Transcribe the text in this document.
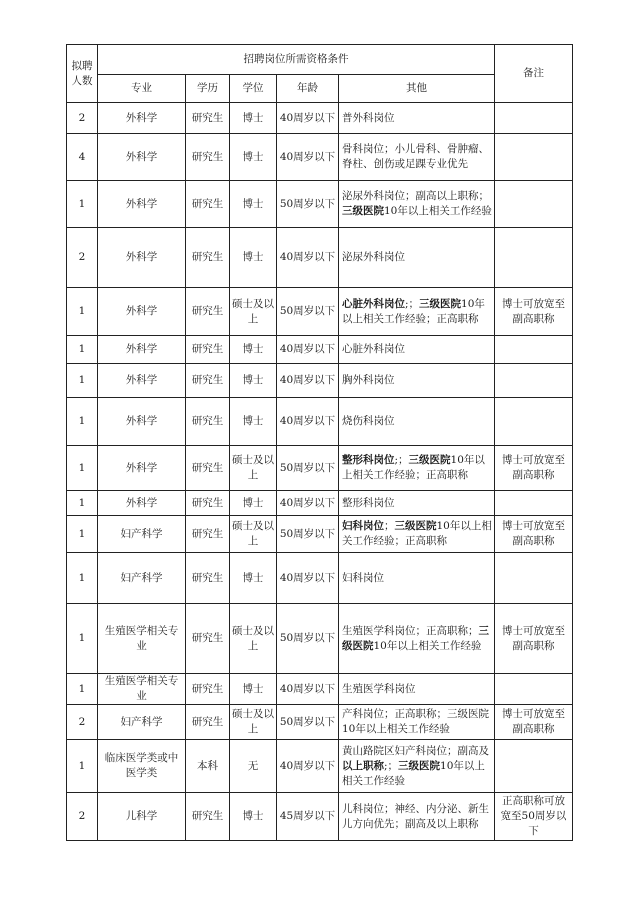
拟聘人数	招聘岗位所需资格条件					备注
	专业	学历	学位	年龄	其他	
2	外科学	研究生	博士	40周岁以下	普外科岗位	
4	外科学	研究生	博士	40周岁以下	骨科岗位；小儿骨科、骨肿瘤、脊柱、创伤或足踝专业优先	
1	外科学	研究生	博士	50周岁以下	泌尿外科岗位；副高以上职称；三级医院10年以上相关工作经验	
2	外科学	研究生	博士	40周岁以下	泌尿外科岗位	
1	外科学	研究生	硕士及以上	50周岁以下	心脏外科岗位;；三级医院10年以上相关工作经验；正高职称	博士可放宽至副高职称
1	外科学	研究生	博士	40周岁以下	心脏外科岗位	
1	外科学	研究生	博士	40周岁以下	胸外科岗位	
1	外科学	研究生	博士	40周岁以下	烧伤科岗位	
1	外科学	研究生	硕士及以上	50周岁以下	整形科岗位;；三级医院10年以上相关工作经验；正高职称	博士可放宽至副高职称
1	外科学	研究生	博士	40周岁以下	整形科岗位	
1	妇产科学	研究生	硕士及以上	50周岁以下	妇科岗位；三级医院10年以上相关工作经验；正高职称	博士可放宽至副高职称
1	妇产科学	研究生	博士	40周岁以下	妇科岗位	
1	生殖医学相关专业	研究生	硕士及以上	50周岁以下	生殖医学科岗位；正高职称；三级医院10年以上相关工作经验	博士可放宽至副高职称
1	生殖医学相关专业	研究生	博士	40周岁以下	生殖医学科岗位	
2	妇产科学	研究生	硕士及以上	50周岁以下	产科岗位；正高职称；三级医院10年以上相关工作经验	博士可放宽至副高职称
1	临床医学类或中医学类	本科	无	40周岁以下	黄山路院区妇产科岗位；副高及以上职称;；三级医院10年以上相关工作经验	
2	儿科学	研究生	博士	45周岁以下	儿科岗位；神经、内分泌、新生儿方向优先；副高及以上职称	正高职称可放宽至50周岁以下
